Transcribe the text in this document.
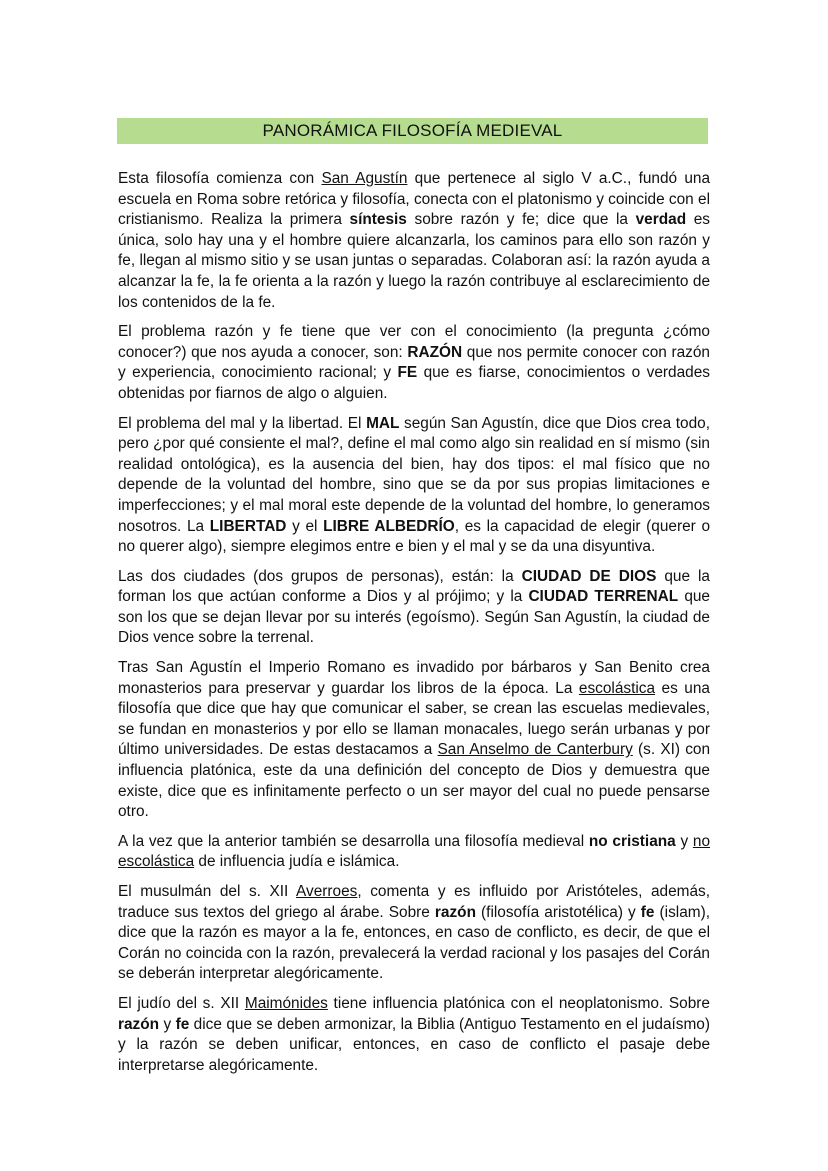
PANORÁMICA FILOSOFÍA MEDIEVAL

Esta filosofía comienza con San Agustín que pertenece al siglo V a.C., fundó una escuela en Roma sobre retórica y filosofía, conecta con el platonismo y coincide con el cristianismo. Realiza la primera síntesis sobre razón y fe; dice que la verdad es única, solo hay una y el hombre quiere alcanzarla, los caminos para ello son razón y fe, llegan al mismo sitio y se usan juntas o separadas. Colaboran así: la razón ayuda a alcanzar la fe, la fe orienta a la razón y luego la razón contribuye al esclarecimiento de los contenidos de la fe.

El problema razón y fe tiene que ver con el conocimiento (la pregunta ¿cómo conocer?) que nos ayuda a conocer, son: RAZÓN que nos permite conocer con razón y experiencia, conocimiento racional; y FE que es fiarse, conocimientos o verdades obtenidas por fiarnos de algo o alguien.

El problema del mal y la libertad. El MAL según San Agustín, dice que Dios crea todo, pero ¿por qué consiente el mal?, define el mal como algo sin realidad en sí mismo (sin realidad ontológica), es la ausencia del bien, hay dos tipos: el mal físico que no depende de la voluntad del hombre, sino que se da por sus propias limitaciones e imperfecciones; y el mal moral este depende de la voluntad del hombre, lo generamos nosotros. La LIBERTAD y el LIBRE ALBEDRÍO, es la capacidad de elegir (querer o no querer algo), siempre elegimos entre e bien y el mal y se da una disyuntiva.

Las dos ciudades (dos grupos de personas), están: la CIUDAD DE DIOS que la forman los que actúan conforme a Dios y al prójimo; y la CIUDAD TERRENAL que son los que se dejan llevar por su interés (egoísmo). Según San Agustín, la ciudad de Dios vence sobre la terrenal.

Tras San Agustín el Imperio Romano es invadido por bárbaros y San Benito crea monasterios para preservar y guardar los libros de la época. La escolástica es una filosofía que dice que hay que comunicar el saber, se crean las escuelas medievales, se fundan en monasterios y por ello se llaman monacales, luego serán urbanas y por último universidades. De estas destacamos a San Anselmo de Canterbury (s. XI) con influencia platónica, este da una definición del concepto de Dios y demuestra que existe, dice que es infinitamente perfecto o un ser mayor del cual no puede pensarse otro.

A la vez que la anterior también se desarrolla una filosofía medieval no cristiana y no escolástica de influencia judía e islámica.

El musulmán del s. XII Averroes, comenta y es influido por Aristóteles, además, traduce sus textos del griego al árabe. Sobre razón (filosofía aristotélica) y fe (islam), dice que la razón es mayor a la fe, entonces, en caso de conflicto, es decir, de que el Corán no coincida con la razón, prevalecerá la verdad racional y los pasajes del Corán se deberán interpretar alegóricamente.

El judío del s. XII Maimónides tiene influencia platónica con el neoplatonismo. Sobre razón y fe dice que se deben armonizar, la Biblia (Antiguo Testamento en el judaísmo) y la razón se deben unificar, entonces, en caso de conflicto el pasaje debe interpretarse alegóricamente.
